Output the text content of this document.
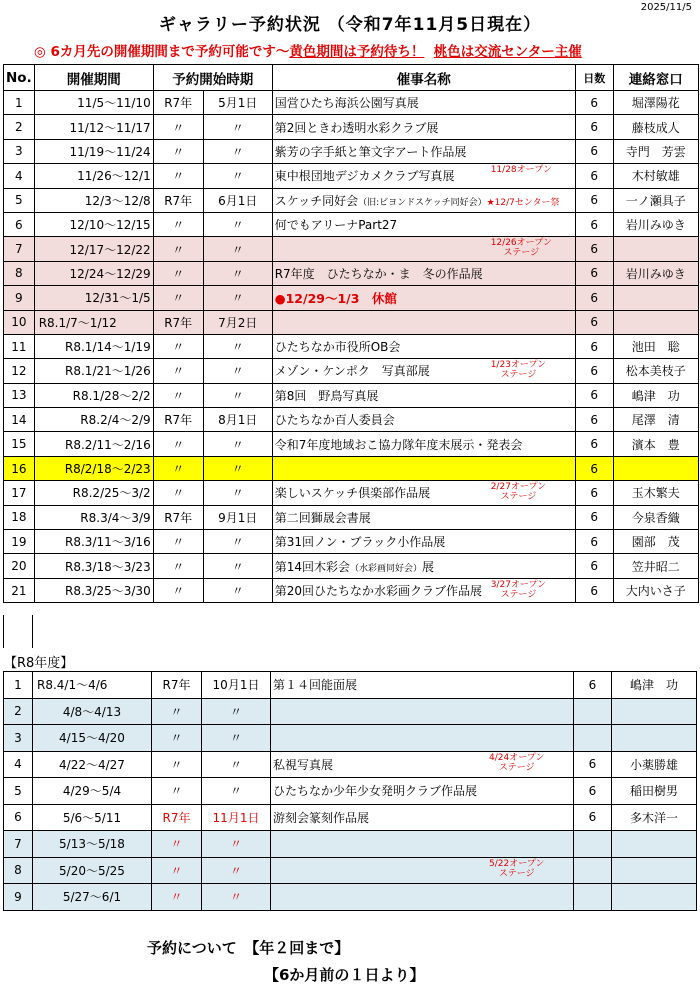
2025/11/5
ギャラリー予約状況 （令和7年11月5日現在）
◎ 6カ月先の開催期間まで予約可能です～黄色期間は予約待ち！ 桃色は交流センター主催
No.	開催期間	予約開始時期		催事名称	日数	連絡窓口
1	11/5～11/10	R7年	5月1日	国営ひたち海浜公園写真展	6	堀澤陽花
2	11/12～11/17	〃	〃	第2回ときわ透明水彩クラブ展	6	藤枝成人
3	11/19～11/24	〃	〃	紫芳の字手紙と筆文字アート作品展	6	寺門　芳雲
4	11/26～12/1	〃	〃	東中根団地デジカメクラブ写真展 11/28オープン	6	木村敏雄
5	12/3～12/8	R7年	6月1日	スケッチ同好会（旧:ビヨンドスケッチ同好会）★12/7センター祭	6	一ノ瀬具子
6	12/10～12/15	〃	〃	何でもアリーナPart27	6	岩川みゆき
7	12/17～12/22	〃	〃	12/26オープン
ステージ	6	
8	12/24～12/29	〃	〃	R7年度　ひたちなか・ま　冬の作品展	6	岩川みゆき
9	12/31～1/5	〃	〃	●12/29～1/3　休館	6	
10	R8.1/7～1/12	R7年	7月2日		6	
11	R8.1/14～1/19	〃	〃	ひたちなか市役所OB会	6	池田　聡
12	R8.1/21～1/26	〃	〃	メゾン・ケンポク　写真部展 1/23オープン
ステージ	6	松本美枝子
13	R8.1/28～2/2	〃	〃	第8回　野鳥写真展	6	嶋津　功
14	R8.2/4～2/9	R7年	8月1日	ひたちなか百人委員会	6	尾澤　清
15	R8.2/11～2/16	〃	〃	令和7年度地域おこ協力隊年度末展示・発表会	6	濱本　豊
16	R8/2/18～2/23	〃	〃		6	
17	R8.2/25～3/2	〃	〃	楽しいスケッチ倶楽部作品展 2/27オープン
ステージ	6	玉木繁夫
18	R8.3/4～3/9	R7年	9月1日	第二回獅晟会書展	6	今泉香織
19	R8.3/11～3/16	〃	〃	第31回ノン・ブラック小作品展	6	園部　茂
20	R8.3/18～3/23	〃	〃	第14回木彩会（水彩画同好会）展	6	笠井昭二
21	R8.3/25～3/30	〃	〃	第20回ひたちなか水彩画クラブ作品展 3/27オープン
ステージ	6	大内いさ子
【R8年度】
1	R8.4/1～4/6	R7年	10月1日	第１４回能面展	6	嶋津　功
2	4/8～4/13	〃	〃			
3	4/15～4/20	〃	〃			
4	4/22～4/27	〃	〃	私視写真展
4/24オープン
ステージ	6	小薬勝雄
5	4/29～5/4	〃	〃	ひたちなか少年少女発明クラブ作品展	6	稲田樹男
6	5/6～5/11	R7年	11月1日	游刻会篆刻作品展	6	多木洋一
7	5/13～5/18	〃	〃			
8	5/20～5/25	〃	〃	5/22オープン
ステージ		

9	5/27～6/1	〃	〃			
予約について　【年２回まで】
【6か月前の１日より】
